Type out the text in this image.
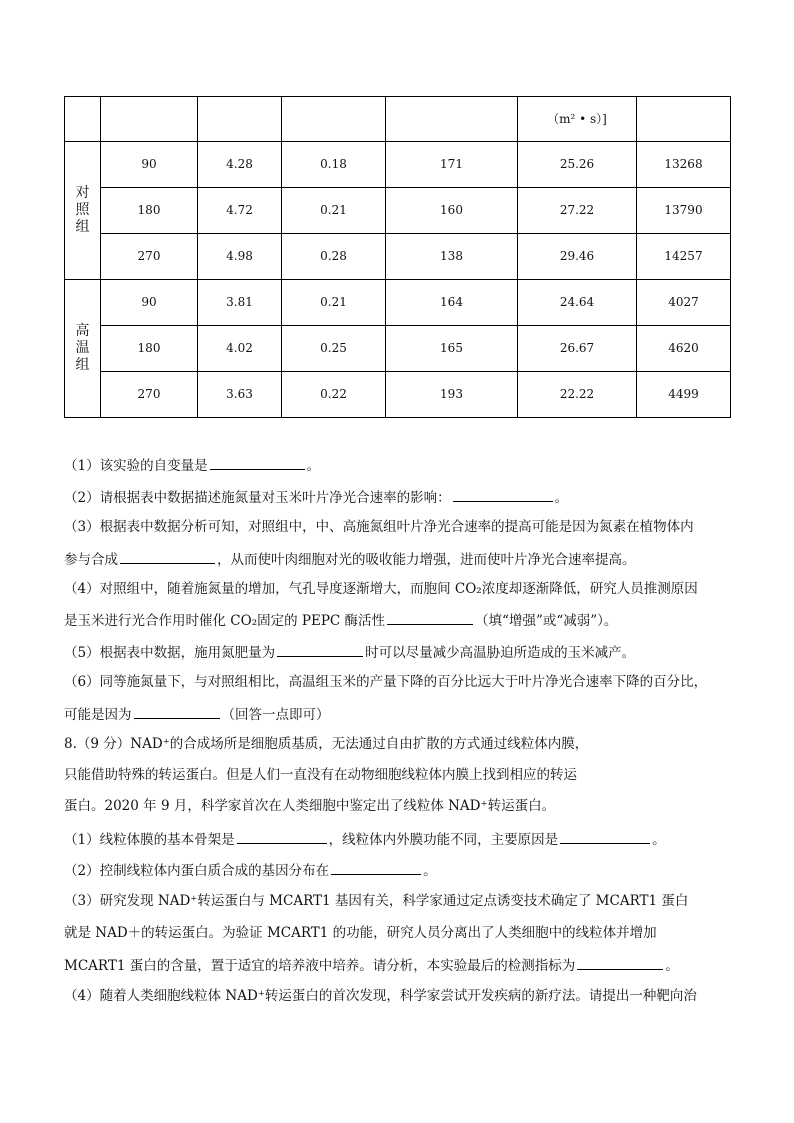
					（m² • s）]	

对
照
组	90	4.28	0.18	171	25.26	13268
	180	4.72	0.21	160	27.22	13790
	270	4.98	0.28	138	29.46	14257

高
温
组	90	3.81	0.21	164	24.64	4027
	180	4.02	0.25	165	26.67	4620
	270	3.63	0.22	193	22.22	4499
（1）该实验的自变量是	。
（2）请根据表中数据描述施氮量对玉米叶片净光合速率的影响：	。
（3）根据表中数据分析可知，对照组中，中、高施氮组叶片净光合速率的提高可能是因为氮素在植物体内
参与合成	，从而使叶肉细胞对光的吸收能力增强，进而使叶片净光合速率提高。
（4）对照组中，随着施氮量的增加，气孔导度逐渐增大，而胞间 CO₂浓度却逐渐降低，研究人员推测原因
是玉米进行光合作用时催化 CO₂固定的 PEPC 酶活性	（填“增强”或“减弱”）。
（5）根据表中数据，施用氮肥量为	时可以尽量减少高温胁迫所造成的玉米减产。
（6）同等施氮量下，与对照组相比，高温组玉米的产量下降的百分比远大于叶片净光合速率下降的百分比，
可能是因为	（回答一点即可）
8.（9 分）NAD⁺的合成场所是细胞质基质，无法通过自由扩散的方式通过线粒体内膜，
只能借助特殊的转运蛋白。但是人们一直没有在动物细胞线粒体内膜上找到相应的转运
蛋白。2020 年 9 月，科学家首次在人类细胞中鉴定出了线粒体 NAD⁺转运蛋白。
（1）线粒体膜的基本骨架是	，线粒体内外膜功能不同，主要原因是	。
（2）控制线粒体内蛋白质合成的基因分布在	。
（3）研究发现 NAD⁺转运蛋白与 MCART1 基因有关，科学家通过定点诱变技术确定了 MCART1 蛋白
就是 NAD＋的转运蛋白。为验证 MCART1 的功能，研究人员分离出了人类细胞中的线粒体并增加
MCART1 蛋白的含量，置于适宜的培养液中培养。请分析，本实验最后的检测指标为	。
（4）随着人类细胞线粒体 NAD⁺转运蛋白的首次发现，科学家尝试开发疾病的新疗法。请提出一种靶向治
